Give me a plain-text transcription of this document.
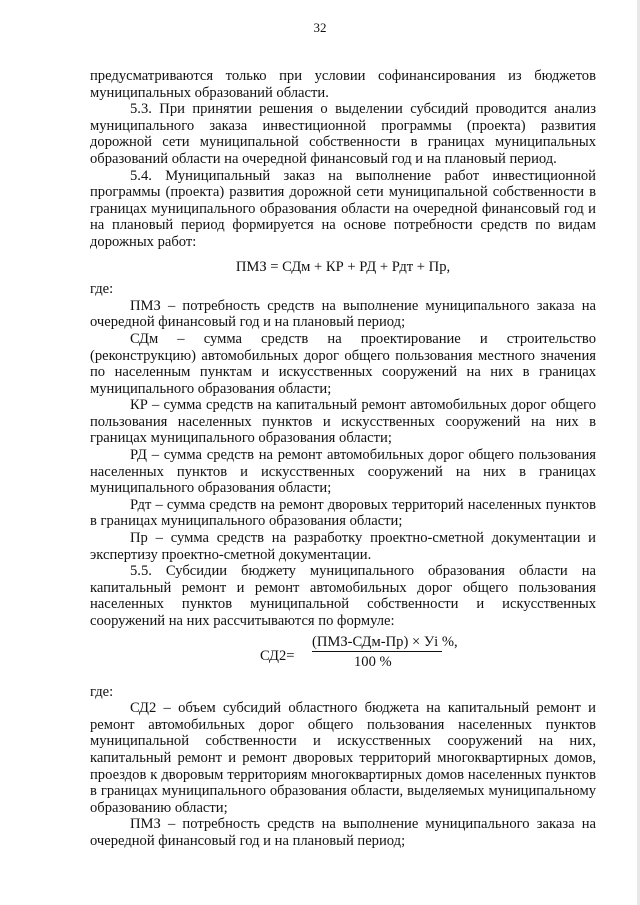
32

предусматриваются только при условии софинансирования из бюджетов муниципальных образований области.

5.3. При принятии решения о выделении субсидий проводится анализ муниципального заказа инвестиционной программы (проекта) развития дорожной сети муниципальной собственности в границах муниципальных образований области на очередной финансовый год и на плановый период.

5.4. Муниципальный заказ на выполнение работ инвестиционной программы (проекта) развития дорожной сети муниципальной собственности в границах муниципального образования области на очередной финансовый год и на плановый период формируется на основе потребности средств по видам дорожных работ:

ПМЗ = СДм + КР + РД + Рдт + Пр,

где:

ПМЗ – потребность средств на выполнение муниципального заказа на очередной финансовый год и на плановый период;

СДм – сумма средств на проектирование и строительство (реконструкцию) автомобильных дорог общего пользования местного значения по населенным пунктам и искусственных сооружений на них в границах муниципального образования области;

КР – сумма средств на капитальный ремонт автомобильных дорог общего пользования населенных пунктов и искусственных сооружений на них в границах муниципального образования области;

РД – сумма средств на ремонт автомобильных дорог общего пользования населенных пунктов и искусственных сооружений на них в границах муниципального образования области;

Рдт – сумма средств на ремонт дворовых территорий населенных пунктов в границах муниципального образования области;

Пр – сумма средств на разработку проектно-сметной документации и экспертизу проектно-сметной документации.

5.5. Субсидии бюджету муниципального образования области на капитальный ремонт и ремонт автомобильных дорог общего пользования населенных пунктов муниципальной собственности и искусственных сооружений на них рассчитываются по формуле:

СД2=
(ПМЗ-СДм-Пр) × Уі %,
100 %

где:

СД2 – объем субсидий областного бюджета на капитальный ремонт и ремонт автомобильных дорог общего пользования населенных пунктов муниципальной собственности и искусственных сооружений на них, капитальный ремонт и ремонт дворовых территорий многоквартирных домов, проездов к дворовым территориям многоквартирных домов населенных пунктов в границах муниципального образования области, выделяемых муниципальному образованию области;

ПМЗ – потребность средств на выполнение муниципального заказа на очередной финансовый год и на плановый период;
